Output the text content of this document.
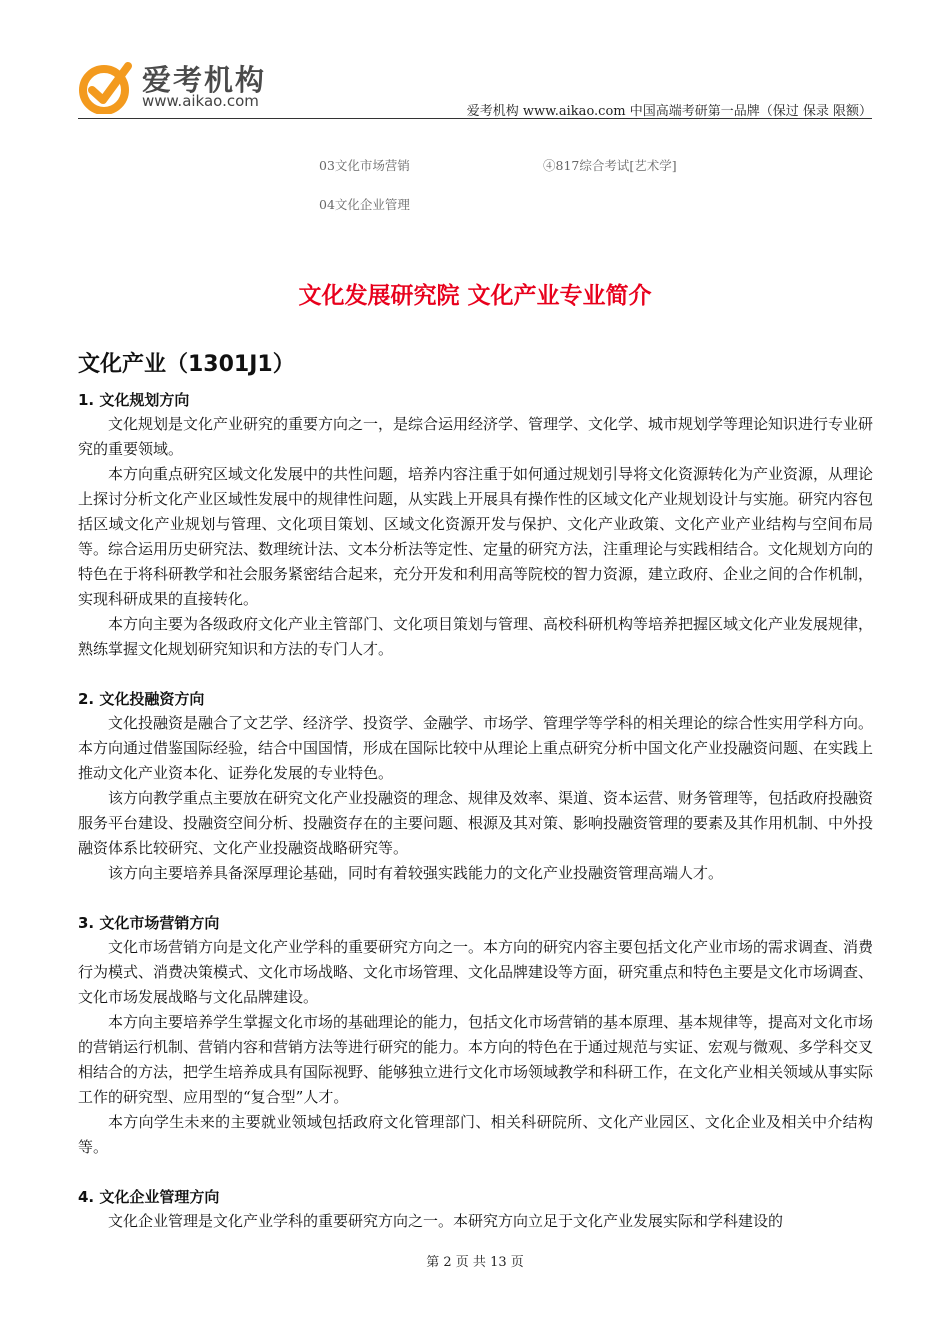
爱考机构
www.aikao.com
爱考机构 www.aikao.com 中国高端考研第一品牌（保过 保录 限额）
03文化市场营销	④817综合考试[艺术学]
04文化企业管理
文化发展研究院 文化产业专业简介
文化产业（1301J1）
1. 文化规划方向

文化规划是文化产业研究的重要方向之一，是综合运用经济学、管理学、文化学、城市规划学等理论知识进行专业研究的重要领域。

本方向重点研究区域文化发展中的共性问题，培养内容注重于如何通过规划引导将文化资源转化为产业资源，从理论上探讨分析文化产业区域性发展中的规律性问题，从实践上开展具有操作性的区域文化产业规划设计与实施。研究内容包括区域文化产业规划与管理、文化项目策划、区域文化资源开发与保护、文化产业政策、文化产业产业结构与空间布局等。综合运用历史研究法、数理统计法、文本分析法等定性、定量的研究方法，注重理论与实践相结合。文化规划方向的特色在于将科研教学和社会服务紧密结合起来，充分开发和利用高等院校的智力资源，建立政府、企业之间的合作机制，实现科研成果的直接转化。

本方向主要为各级政府文化产业主管部门、文化项目策划与管理、高校科研机构等培养把握区域文化产业发展规律，熟练掌握文化规划研究知识和方法的专门人才。

2. 文化投融资方向

文化投融资是融合了文艺学、经济学、投资学、金融学、市场学、管理学等学科的相关理论的综合性实用学科方向。本方向通过借鉴国际经验，结合中国国情，形成在国际比较中从理论上重点研究分析中国文化产业投融资问题、在实践上推动文化产业资本化、证券化发展的专业特色。

该方向教学重点主要放在研究文化产业投融资的理念、规律及效率、渠道、资本运营、财务管理等，包括政府投融资服务平台建设、投融资空间分析、投融资存在的主要问题、根源及其对策、影响投融资管理的要素及其作用机制、中外投融资体系比较研究、文化产业投融资战略研究等。

该方向主要培养具备深厚理论基础，同时有着较强实践能力的文化产业投融资管理高端人才。

3. 文化市场营销方向

文化市场营销方向是文化产业学科的重要研究方向之一。本方向的研究内容主要包括文化产业市场的需求调查、消费行为模式、消费决策模式、文化市场战略、文化市场管理、文化品牌建设等方面，研究重点和特色主要是文化市场调查、文化市场发展战略与文化品牌建设。

本方向主要培养学生掌握文化市场的基础理论的能力，包括文化市场营销的基本原理、基本规律等，提高对文化市场的营销运行机制、营销内容和营销方法等进行研究的能力。本方向的特色在于通过规范与实证、宏观与微观、多学科交叉相结合的方法，把学生培养成具有国际视野、能够独立进行文化市场领域教学和科研工作，在文化产业相关领域从事实际工作的研究型、应用型的“复合型”人才。

本方向学生未来的主要就业领域包括政府文化管理部门、相关科研院所、文化产业园区、文化企业及相关中介结构等。

4. 文化企业管理方向

文化企业管理是文化产业学科的重要研究方向之一。本研究方向立足于文化产业发展实际和学科建设的

第 2 页 共 13 页
